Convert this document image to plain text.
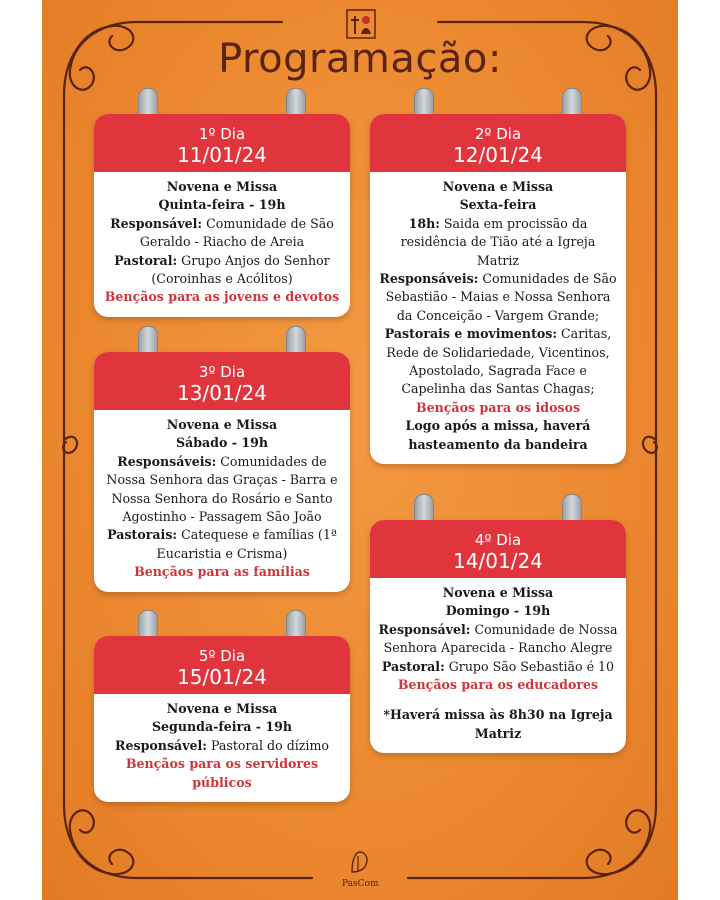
Programação:
1º Dia
11/01/24
Novena e Missa
Quinta-feira - 19h
Responsável: Comunidade de São Geraldo - Riacho de Areia
Pastoral: Grupo Anjos do Senhor (Coroinhas e Acólitos)
Bençãos para as jovens e devotos
2º Dia
12/01/24
Novena e Missa
Sexta-feira
18h: Saida em procissão da residência de Tião até a Igreja Matriz
Responsáveis: Comunidades de São Sebastião - Maias e Nossa Senhora da Conceição - Vargem Grande;
Pastorais e movimentos: Caritas, Rede de Solidariedade, Vicentinos, Apostolado, Sagrada Face e Capelinha das Santas Chagas;
Bençãos para os idosos
Logo após a missa, haverá hasteamento da bandeira
3º Dia
13/01/24
Novena e Missa
Sábado - 19h
Responsáveis: Comunidades de Nossa Senhora das Graças - Barra e Nossa Senhora do Rosário e Santo Agostinho - Passagem São João
Pastorais: Catequese e famílias (1ª Eucaristia e Crisma)
Bençãos para as famílias
4º Dia
14/01/24
Novena e Missa
Domingo - 19h
Responsável: Comunidade de Nossa Senhora Aparecida - Rancho Alegre
Pastoral: Grupo São Sebastião é 10
Bençãos para os educadores
*Haverá missa às 8h30 na Igreja Matriz
5º Dia
15/01/24
Novena e Missa
Segunda-feira - 19h
Responsável: Pastoral do dízimo
Bençãos para os servidores públicos
PasCom
